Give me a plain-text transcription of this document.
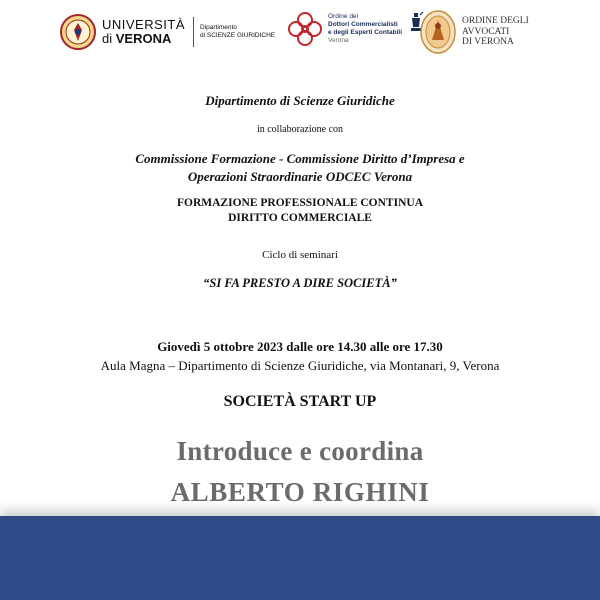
UNIVERSITÀ
di VERONA
Dipartimento
di SCIENZE GIURIDICHE
Ordine dei
Dottori Commercialisti
e degli Esperti Contabili
Verona
ORDINE DEGLI
AVVOCATI
DI VERONA
Dipartimento di Scienze Giuridiche
in collaborazione con
Commissione Formazione - Commissione Diritto d’Impresa e
Operazioni Straordinarie ODCEC Verona
FORMAZIONE PROFESSIONALE CONTINUA
DIRITTO COMMERCIALE
Ciclo di seminari
“SI FA PRESTO A DIRE SOCIETÀ”
Giovedì 5 ottobre 2023 dalle ore 14.30 alle ore 17.30
Aula Magna – Dipartimento di Scienze Giuridiche, via Montanari, 9, Verona
SOCIETÀ START UP
Introduce e coordina
ALBERTO RIGHINI
